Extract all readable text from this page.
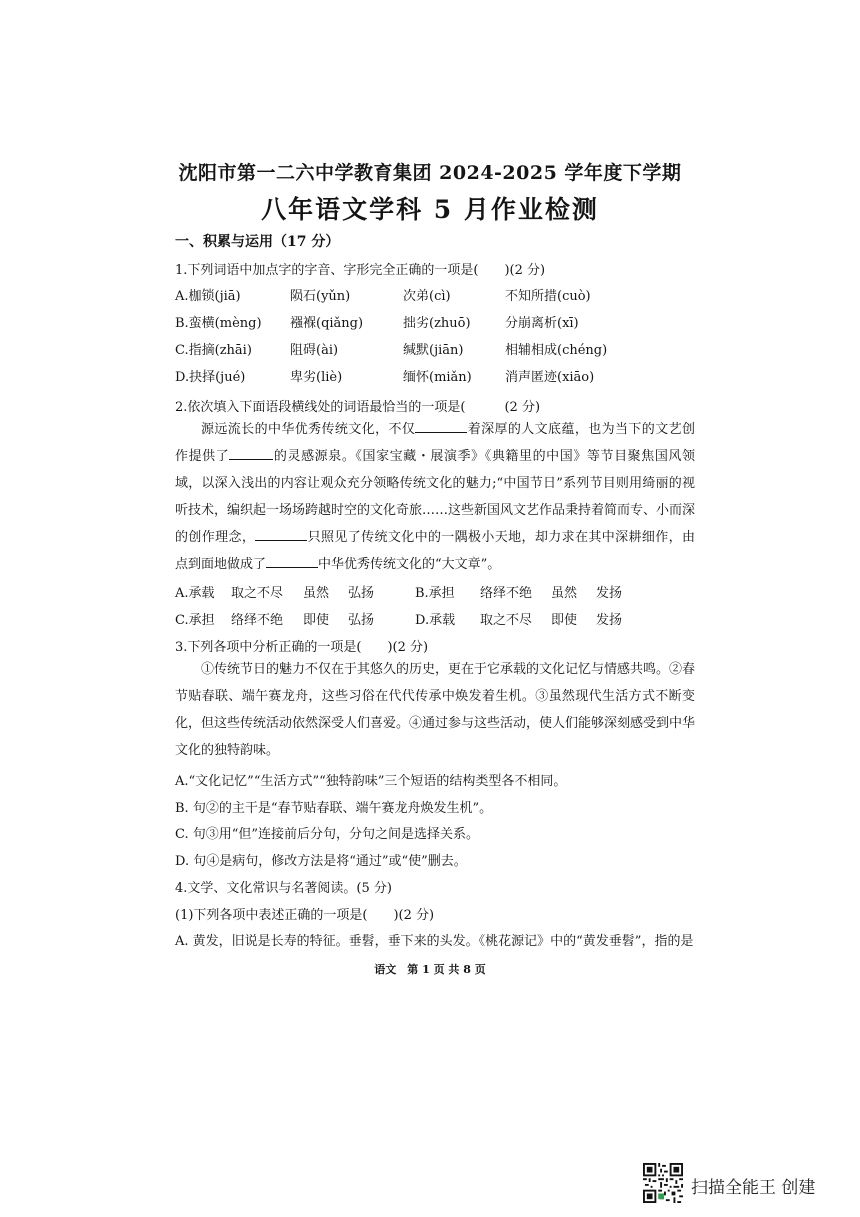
沈阳市第一二六中学教育集团 2024-2025 学年度下学期
八年语文学科 5 月作业检测
一、积累与运用（17 分）
1.下列词语中加点字的字音、字形完全正确的一项是(　　)(2 分)
A.枷锁(jiā)	陨石(yǔn)	次弟(cì)	不知所措(cuò)
B.蛮横(mèng) 襁褓(qiǎng)	拙劣(zhuō)	分崩离析(xī)
C.指摘(zhāi)	阻碍(ài)	缄默(jiān)	相辅相成(chéng)
D.抉择(jué)	卑劣(liè)	缅怀(miǎn)	消声匿迹(xiāo)
2.依次填入下面语段横线处的词语最恰当的一项是(　　　(2 分)
源远流长的中华优秀传统文化，不仅	着深厚的人文底蕴，也为当下的文艺创作提供了	的灵感源泉。《国家宝藏・展演季》《典籍里的中国》等节目聚焦国风领域，以深入浅出的内容让观众充分领略传统文化的魅力;“中国节日”系列节目则用绮丽的视听技术，编织起一场场跨越时空的文化奇旅……这些新国风文艺作品秉持着简而专、小而深的创作理念，	只照见了传统文化中的一隅极小天地，却力求在其中深耕细作，由点到面地做成了	中华优秀传统文化的“大文章”。
A.承载 取之不尽 虽然 弘扬	B.承担 络绎不绝 虽然 发扬
C.承担 络绎不绝 即使 弘扬	D.承载 取之不尽 即使 发扬
3.下列各项中分析正确的一项是(　　)(2 分)
①传统节日的魅力不仅在于其悠久的历史，更在于它承载的文化记忆与情感共鸣。②春节贴春联、端午赛龙舟，这些习俗在代代传承中焕发着生机。③虽然现代生活方式不断变化，但这些传统活动依然深受人们喜爱。④通过参与这些活动，使人们能够深刻感受到中华文化的独特韵味。
A.“文化记忆”“生活方式”“独特韵味”三个短语的结构类型各不相同。
B. 句②的主干是“春节贴春联、端午赛龙舟焕发生机”。
C. 句③用“但”连接前后分句，分句之间是选择关系。
D. 句④是病句，修改方法是将“通过”或“使”删去。
4.文学、文化常识与名著阅读。(5 分)
(1)下列各项中表述正确的一项是(　　)(2 分)
A. 黄发，旧说是长寿的特征。垂髫，垂下来的头发。《桃花源记》中的“黄发垂髫”，指的是
语文　第 1 页 共 8 页
扫描全能王 创建
